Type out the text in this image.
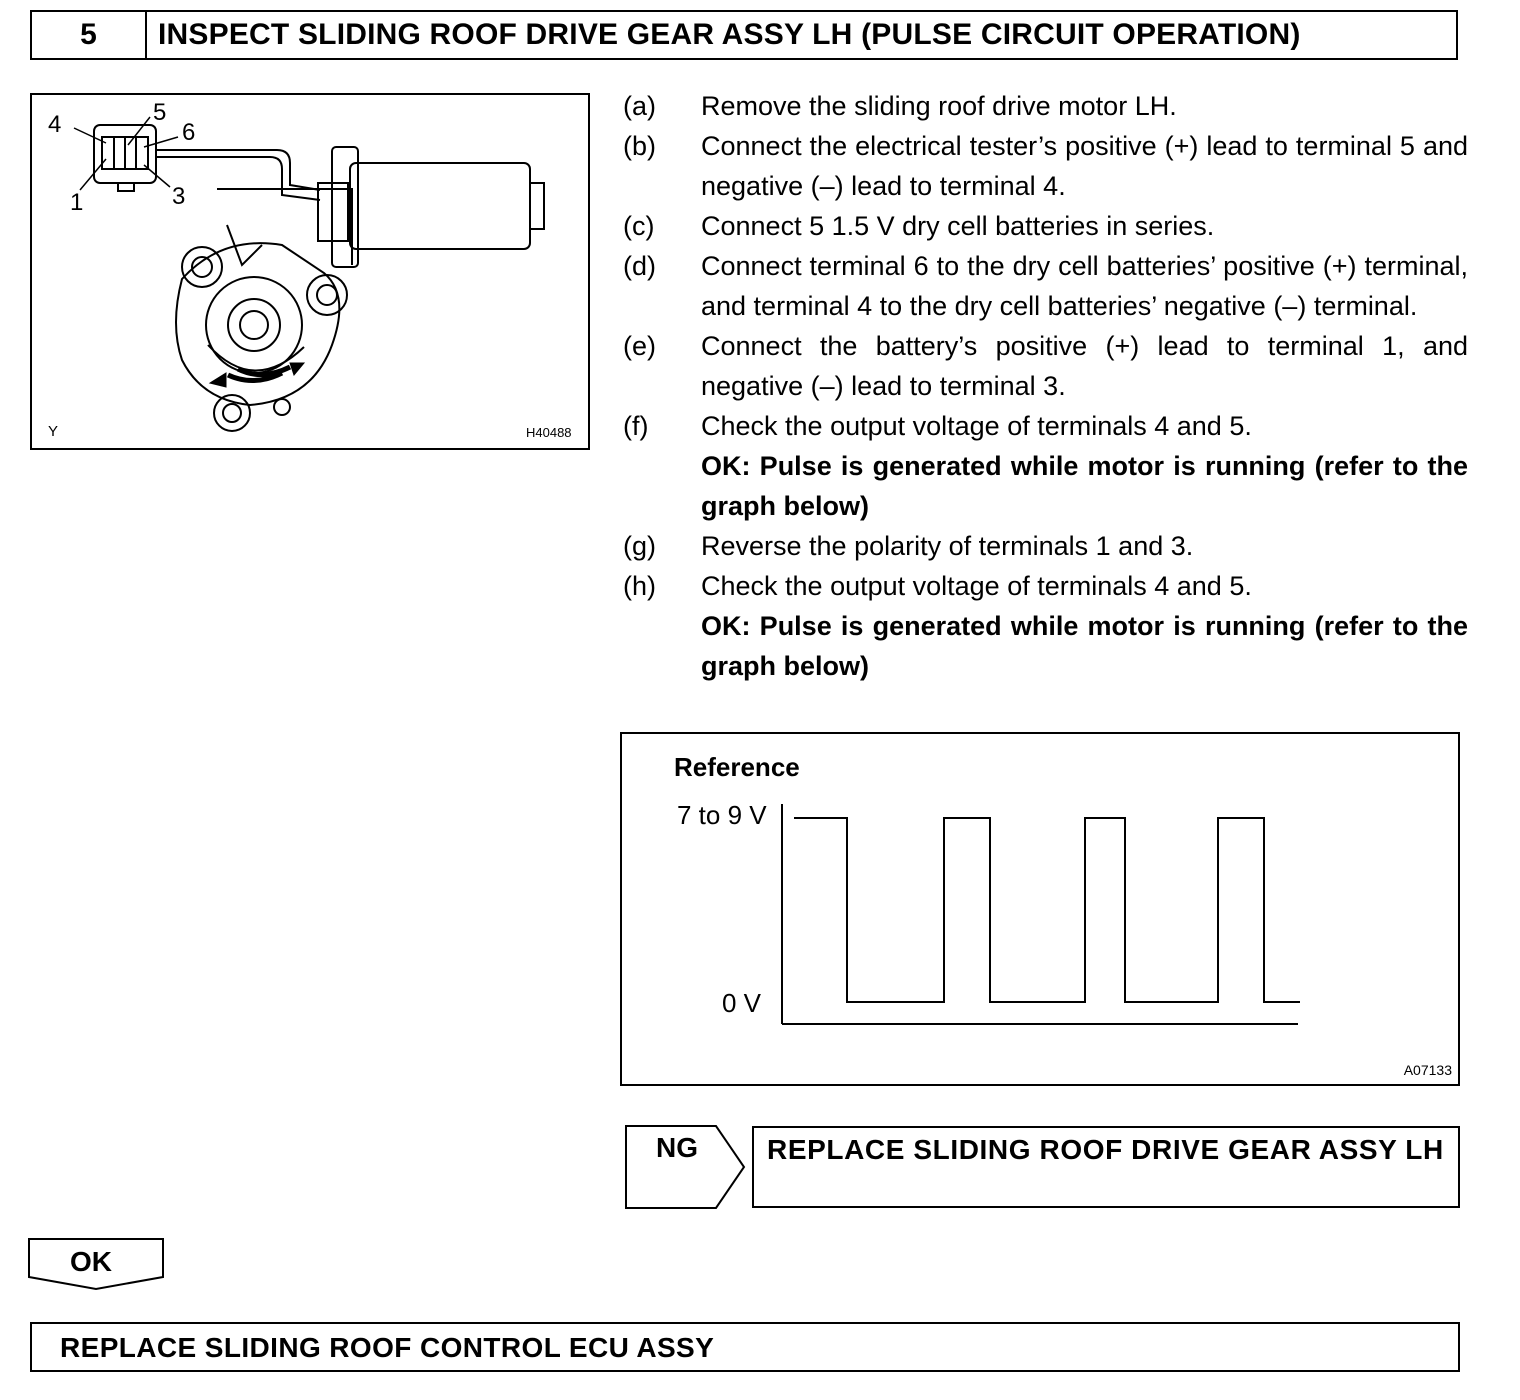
5	INSPECT SLIDING ROOF DRIVE GEAR ASSY LH (PULSE CIRCUIT OPERATION)
4	5
6
1	3
Y	H40488
(a)	Remove the sliding roof drive motor LH.
(b)	Connect the electrical tester’s positive (+) lead to terminal 5 and negative (–) lead to terminal 4.
(c)	Connect 5 1.5 V dry cell batteries in series.
(d)	Connect terminal 6 to the dry cell batteries’ positive (+) terminal, and terminal 4 to the dry cell batteries’ negative (–) terminal.
(e)	Connect the battery’s positive (+) lead to terminal 1, and negative (–) lead to terminal 3.
(f)	Check the output voltage of terminals 4 and 5.
OK: Pulse is generated while motor is running (refer to the graph below)
(g)	Reverse the polarity of terminals 1 and 3.
(h)	Check the output voltage of terminals 4 and 5.
OK: Pulse is generated while motor is running (refer to the graph below)
Reference
7 to 9 V
0 V
A07133
NG REPLACE SLIDING ROOF DRIVE GEAR ASSY LH
OK
REPLACE SLIDING ROOF CONTROL ECU ASSY
